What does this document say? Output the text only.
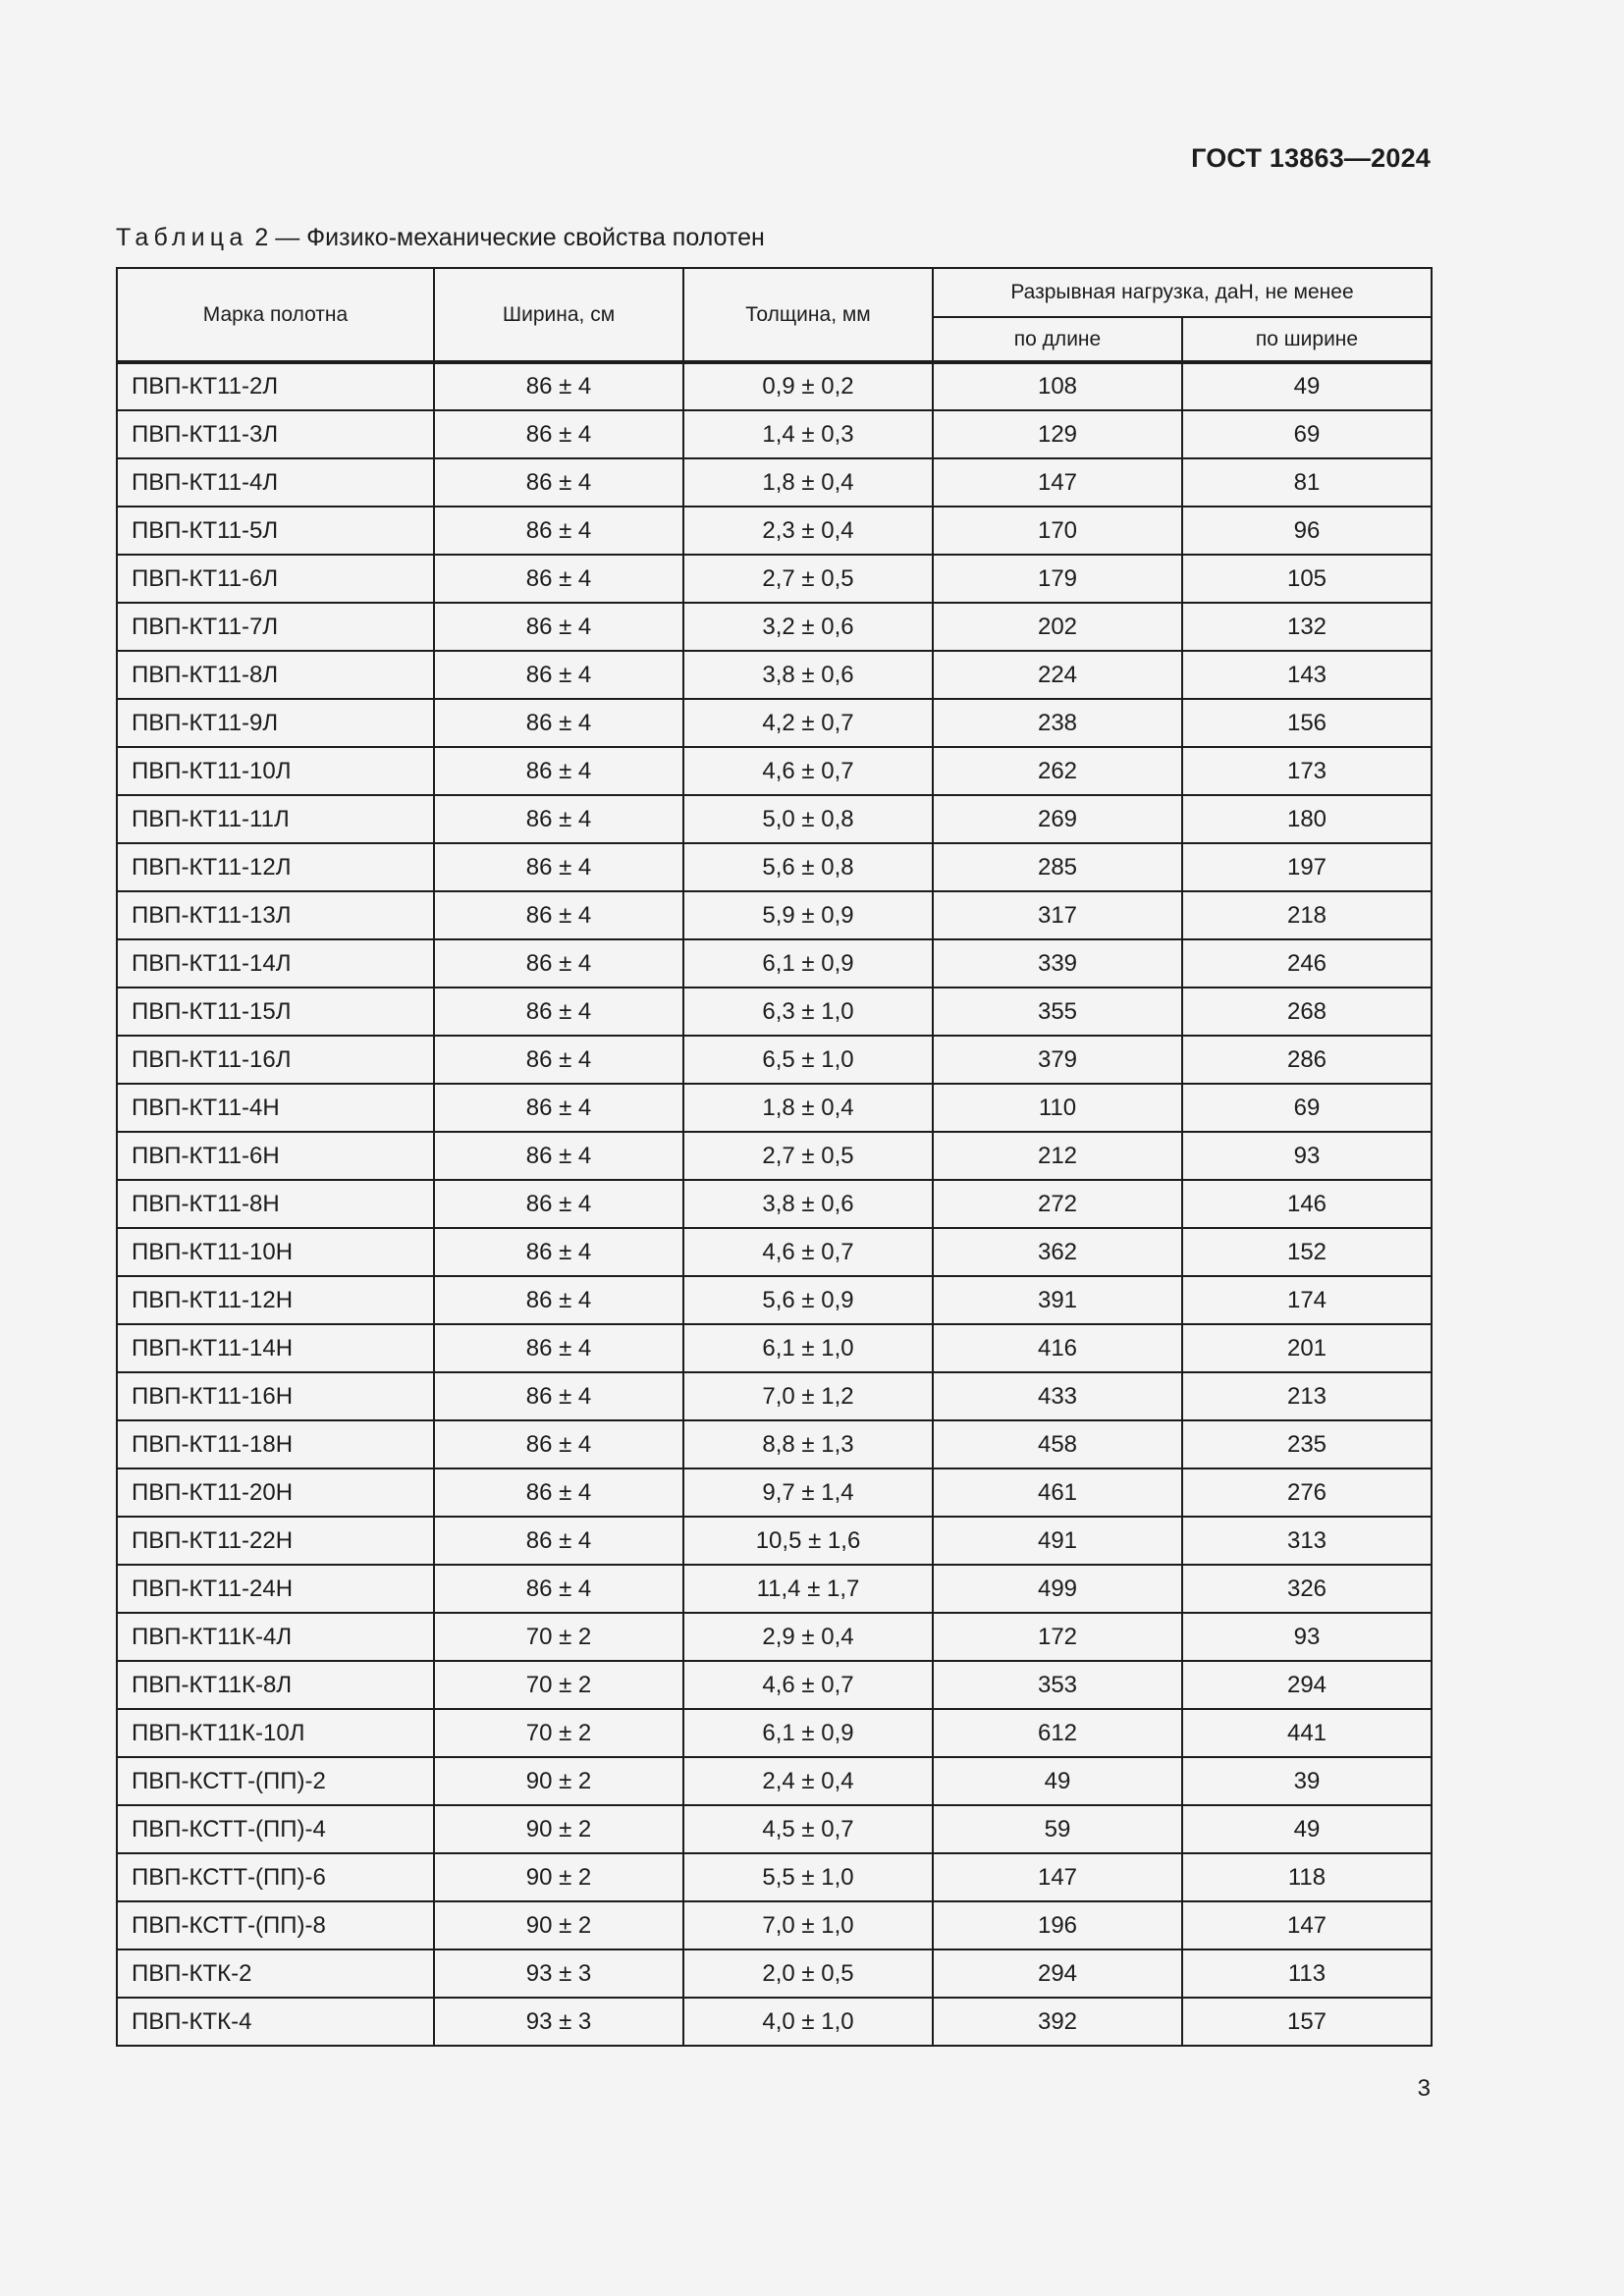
ГОСТ 13863—2024
Таблица 2 — Физико-механические свойства полотен
Марка полотна	Ширина, см	Толщина, мм	Разрывная нагрузка, даН, не менее	
			по длине	по ширине
ПВП-КТ11-2Л	86 ± 4	0,9 ± 0,2	108	49
ПВП-КТ11-3Л	86 ± 4	1,4 ± 0,3	129	69
ПВП-КТ11-4Л	86 ± 4	1,8 ± 0,4	147	81
ПВП-КТ11-5Л	86 ± 4	2,3 ± 0,4	170	96
ПВП-КТ11-6Л	86 ± 4	2,7 ± 0,5	179	105
ПВП-КТ11-7Л	86 ± 4	3,2 ± 0,6	202	132
ПВП-КТ11-8Л	86 ± 4	3,8 ± 0,6	224	143
ПВП-КТ11-9Л	86 ± 4	4,2 ± 0,7	238	156
ПВП-КТ11-10Л	86 ± 4	4,6 ± 0,7	262	173
ПВП-КТ11-11Л	86 ± 4	5,0 ± 0,8	269	180
ПВП-КТ11-12Л	86 ± 4	5,6 ± 0,8	285	197
ПВП-КТ11-13Л	86 ± 4	5,9 ± 0,9	317	218
ПВП-КТ11-14Л	86 ± 4	6,1 ± 0,9	339	246
ПВП-КТ11-15Л	86 ± 4	6,3 ± 1,0	355	268
ПВП-КТ11-16Л	86 ± 4	6,5 ± 1,0	379	286
ПВП-КТ11-4Н	86 ± 4	1,8 ± 0,4	110	69
ПВП-КТ11-6Н	86 ± 4	2,7 ± 0,5	212	93
ПВП-КТ11-8Н	86 ± 4	3,8 ± 0,6	272	146
ПВП-КТ11-10Н	86 ± 4	4,6 ± 0,7	362	152
ПВП-КТ11-12Н	86 ± 4	5,6 ± 0,9	391	174
ПВП-КТ11-14Н	86 ± 4	6,1 ± 1,0	416	201
ПВП-КТ11-16Н	86 ± 4	7,0 ± 1,2	433	213
ПВП-КТ11-18Н	86 ± 4	8,8 ± 1,3	458	235
ПВП-КТ11-20Н	86 ± 4	9,7 ± 1,4	461	276
ПВП-КТ11-22Н	86 ± 4	10,5 ± 1,6	491	313
ПВП-КТ11-24Н	86 ± 4	11,4 ± 1,7	499	326
ПВП-КТ11К-4Л	70 ± 2	2,9 ± 0,4	172	93
ПВП-КТ11К-8Л	70 ± 2	4,6 ± 0,7	353	294
ПВП-КТ11К-10Л	70 ± 2	6,1 ± 0,9	612	441
ПВП-КСТТ-(ПП)-2	90 ± 2	2,4 ± 0,4	49	39
ПВП-КСТТ-(ПП)-4	90 ± 2	4,5 ± 0,7	59	49
ПВП-КСТТ-(ПП)-6	90 ± 2	5,5 ± 1,0	147	118
ПВП-КСТТ-(ПП)-8	90 ± 2	7,0 ± 1,0	196	147
ПВП-КТК-2	93 ± 3	2,0 ± 0,5	294	113
ПВП-КТК-4	93 ± 3	4,0 ± 1,0	392	157
3
